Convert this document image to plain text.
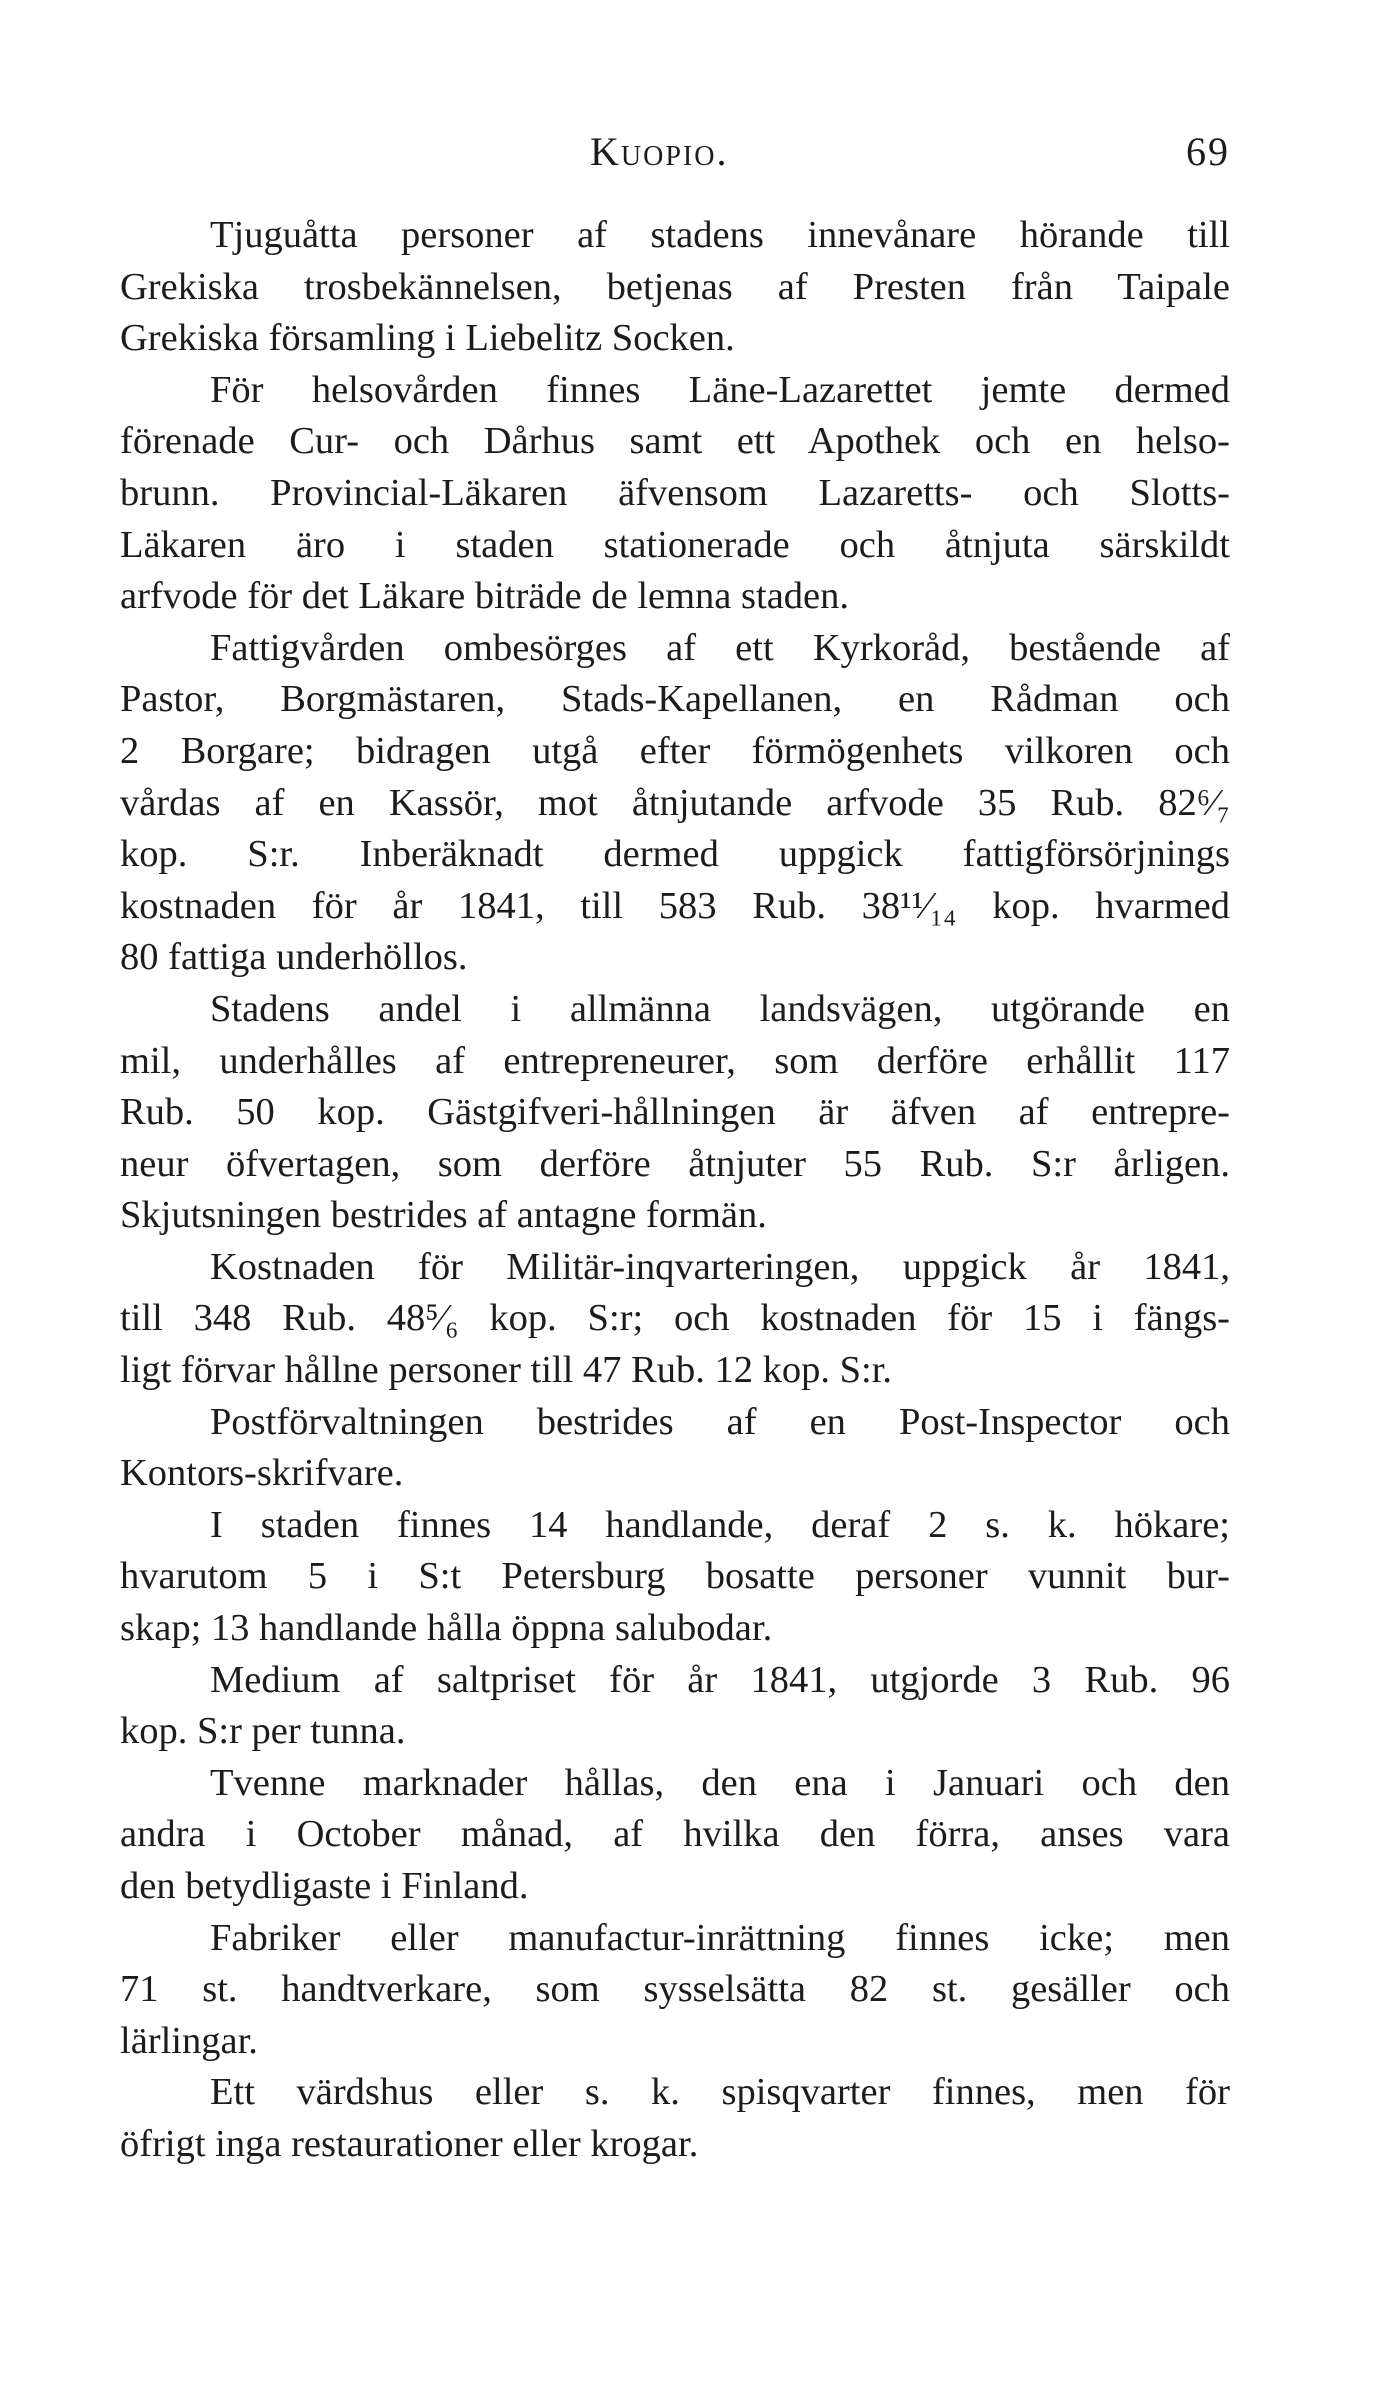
Kuopio.	69
Tjuguåtta personer af stadens innevånare hörande till
Grekiska trosbekännelsen, betjenas af Presten från Taipale
Grekiska församling i Liebelitz Socken.
För helsovården finnes Läne-Lazarettet jemte dermed
förenade Cur- och Dårhus samt ett Apothek och en helso-
brunn. Provincial-Läkaren äfvensom Lazaretts- och Slotts-
Läkaren äro i staden stationerade och åtnjuta särskildt
arfvode för det Läkare biträde de lemna staden.
Fattigvården ombesörges af ett Kyrkoråd, bestående af
Pastor, Borgmästaren, Stads-Kapellanen, en Rådman och
2 Borgare; bidragen utgå efter förmögenhets vilkoren och
vårdas af en Kassör, mot åtnjutande arfvode 35 Rub. 82⁶⁄₇
kop. S:r. Inberäknadt dermed uppgick fattigförsörjnings
kostnaden för år 1841, till 583 Rub. 38¹¹⁄₁₄ kop. hvarmed
80 fattiga underhöllos.
Stadens andel i allmänna landsvägen, utgörande en
mil, underhålles af entrepreneurer, som derföre erhållit 117
Rub. 50 kop. Gästgifveri-hållningen är äfven af entrepre-
neur öfvertagen, som derföre åtnjuter 55 Rub. S:r årligen.
Skjutsningen bestrides af antagne formän.
Kostnaden för Militär-inqvarteringen, uppgick år 1841,
till 348 Rub. 48⁵⁄₆ kop. S:r; och kostnaden för 15 i fängs-
ligt förvar hållne personer till 47 Rub. 12 kop. S:r.
Postförvaltningen bestrides af en Post-Inspector och
Kontors-skrifvare.
I staden finnes 14 handlande, deraf 2 s. k. hökare;
hvarutom 5 i S:t Petersburg bosatte personer vunnit bur-
skap; 13 handlande hålla öppna salubodar.
Medium af saltpriset för år 1841, utgjorde 3 Rub. 96
kop. S:r per tunna.
Tvenne marknader hållas, den ena i Januari och den
andra i October månad, af hvilka den förra, anses vara
den betydligaste i Finland.
Fabriker eller manufactur-inrättning finnes icke; men
71 st. handtverkare, som sysselsätta 82 st. gesäller och
lärlingar.
Ett värdshus eller s. k. spisqvarter finnes, men för
öfrigt inga restaurationer eller krogar.
